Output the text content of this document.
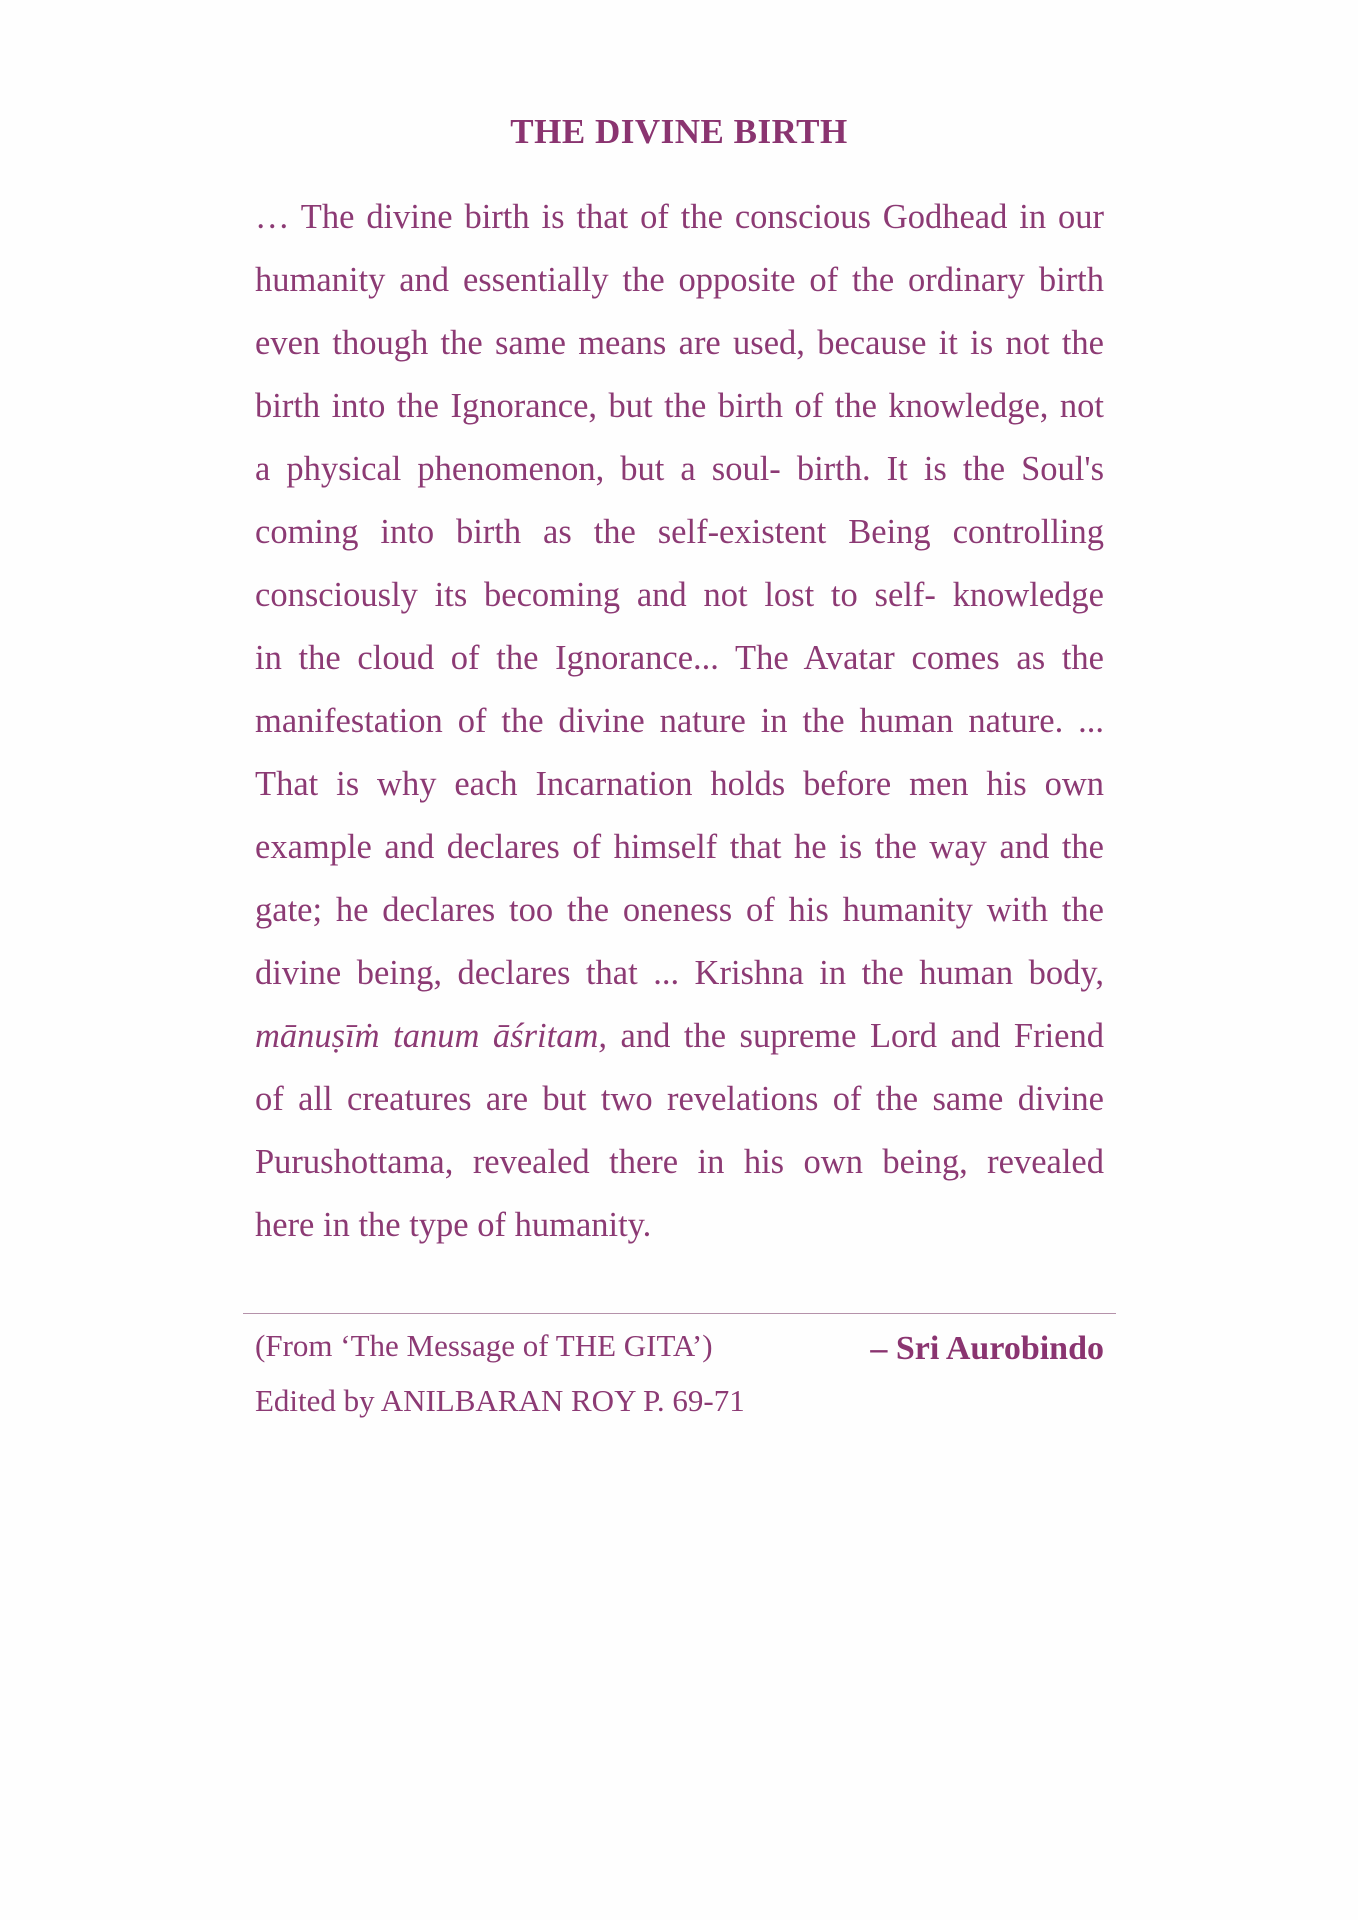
THE DIVINE BIRTH
… The divine birth is that of the conscious Godhead in our
humanity and essentially the opposite of the ordinary birth
even though the same means are used, because it is not the
birth into the Ignorance, but the birth of the knowledge, not
a physical phenomenon, but a soul- birth. It is the Soul's
coming into birth as the self-existent Being controlling
consciously its becoming and not lost to self- knowledge
in the cloud of the Ignorance... The Avatar comes as the
manifestation of the divine nature in the human nature. ...
That is why each Incarnation holds before men his own
example and declares of himself that he is the way and the
gate; he declares too the oneness of his humanity with the
divine being, declares that ... Krishna in the human body,
mānuṣīṁ tanum āśritam, and the supreme Lord and Friend
of all creatures are but two revelations of the same divine
Purushottama, revealed there in his own being, revealed
here in the type of humanity.
(From ‘The Message of THE GITA’)
Edited by ANILBARAN ROY P. 69-71
– Sri Aurobindo
